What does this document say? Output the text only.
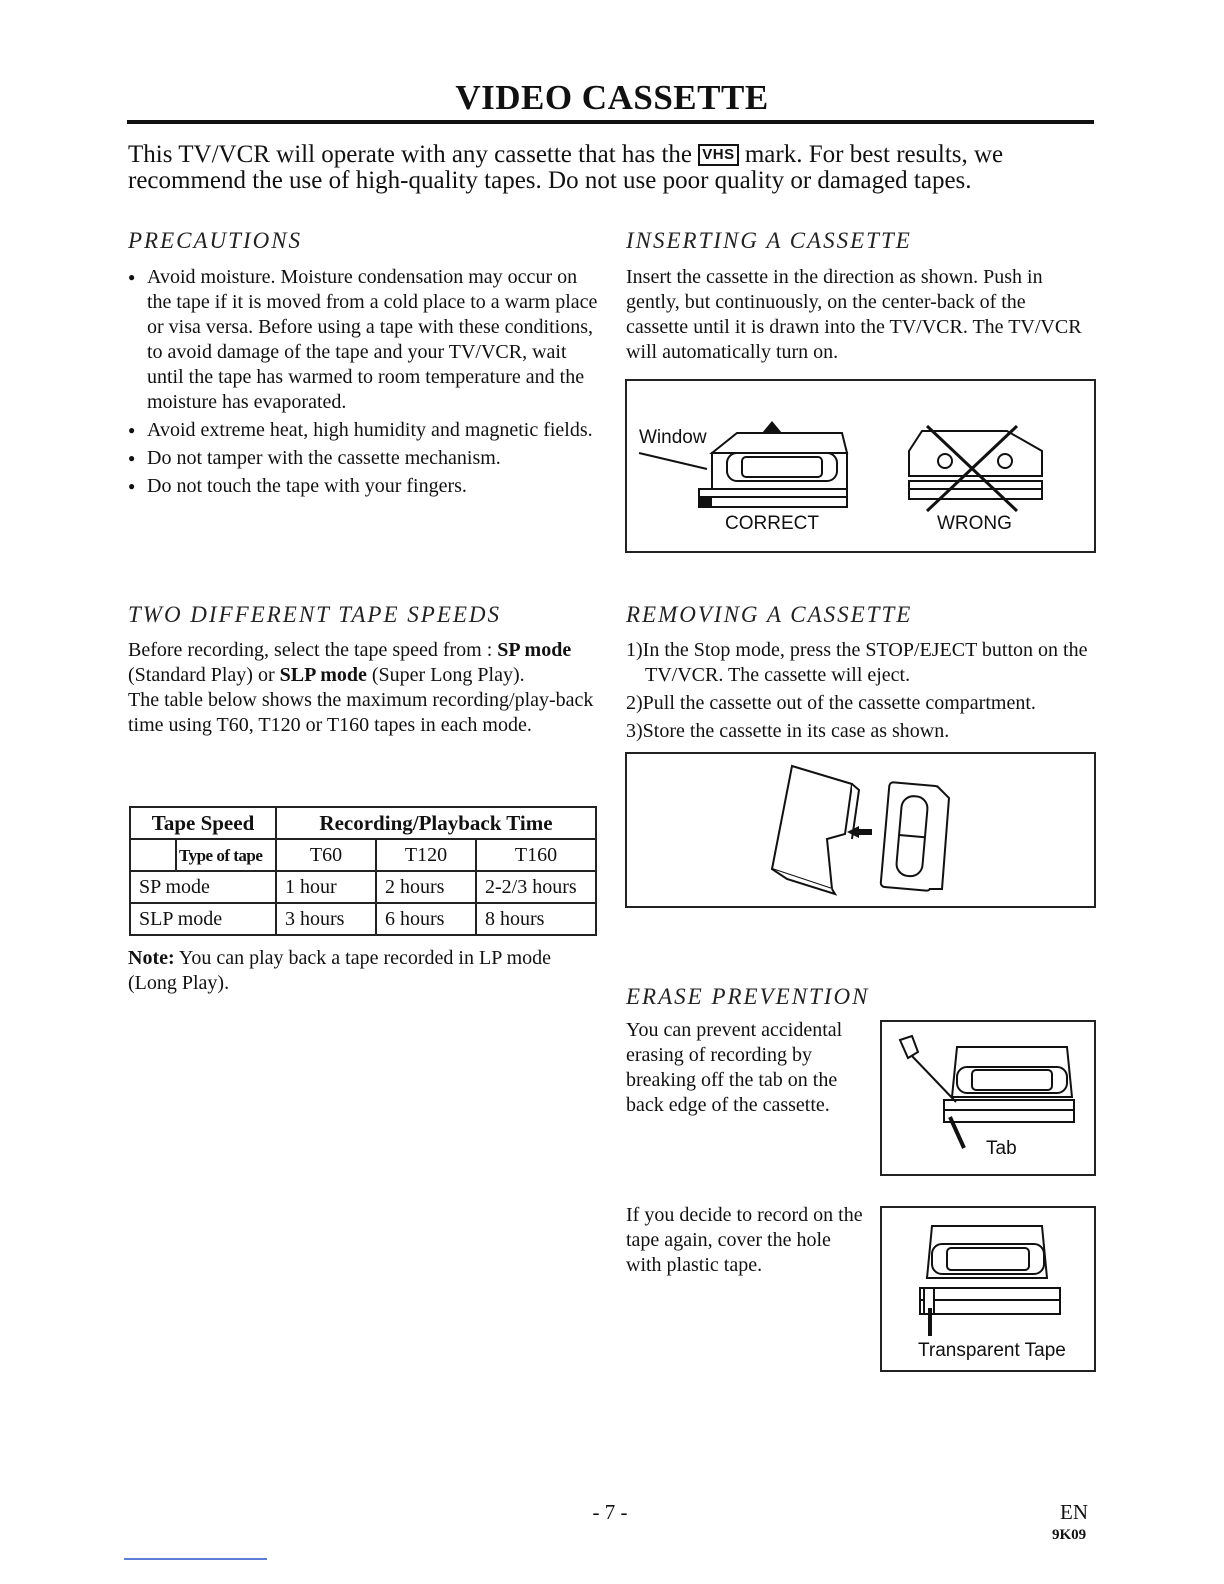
VIDEO CASSETTE
This TV/VCR will operate with any cassette that has the VHS mark. For best results, we recommend the use of high-quality tapes. Do not use poor quality or damaged tapes.
PRECAUTIONS
● Avoid moisture. Moisture condensation may occur on the tape if it is moved from a cold place to a warm place or visa versa. Before using a tape with these conditions, to avoid damage of the tape and your TV/VCR, wait until the tape has warmed to room temperature and the moisture has evaporated.
● Avoid extreme heat, high humidity and magnetic fields.
● Do not tamper with the cassette mechanism.
● Do not touch the tape with your fingers.
INSERTING A CASSETTE
Insert the cassette in the direction as shown. Push in gently, but continuously, on the center-back of the cassette until it is drawn into the TV/VCR. The TV/VCR will automatically turn on.
Window
CORRECT	WRONG
TWO DIFFERENT TAPE SPEEDS
Before recording, select the tape speed from : SP mode (Standard Play) or SLP mode (Super Long Play).
The table below shows the maximum recording/play-back time using T60, T120 or T160 tapes in each mode.
Tape Speed	Recording/Playback Time		

Type of tape	T60	T120	T160
SP mode	1 hour	2 hours	2-2/3 hours
SLP mode	3 hours	6 hours	8 hours
Note: You can play back a tape recorded in LP mode (Long Play).
REMOVING A CASSETTE
1)In the Stop mode, press the STOP/EJECT button on the TV/VCR. The cassette will eject.
2)Pull the cassette out of the cassette compartment.
3)Store the cassette in its case as shown.
ERASE PREVENTION
You can prevent accidental erasing of recording by breaking off the tab on the back edge of the cassette.
Tab
If you decide to record on the tape again, cover the hole with plastic tape.
Transparent Tape
- 7 -	EN
9K09
